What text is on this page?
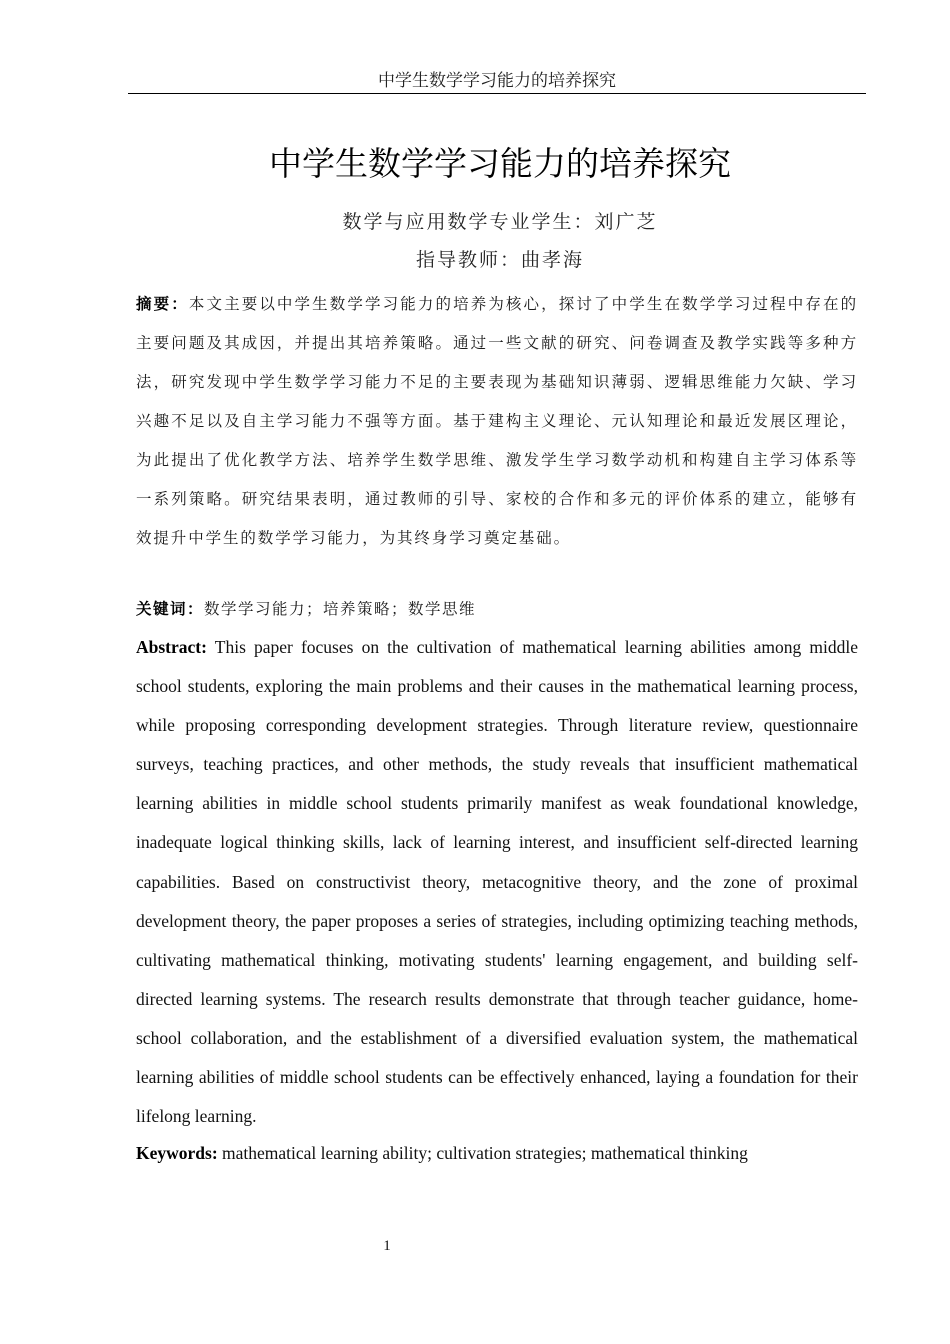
中学生数学学习能力的培养探究
中学生数学学习能力的培养探究
数学与应用数学专业学生：刘广芝
指导教师：曲孝海

摘要：本文主要以中学生数学学习能力的培养为核心，探讨了中学生在数学学习过程中存在的主要问题及其成因，并提出其培养策略。通过一些文献的研究、问卷调查及教学实践等多种方法，研究发现中学生数学学习能力不足的主要表现为基础知识薄弱、逻辑思维能力欠缺、学习兴趣不足以及自主学习能力不强等方面。基于建构主义理论、元认知理论和最近发展区理论，为此提出了优化教学方法、培养学生数学思维、激发学生学习数学动机和构建自主学习体系等一系列策略。研究结果表明，通过教师的引导、家校的合作和多元的评价体系的建立，能够有效提升中学生的数学学习能力，为其终身学习奠定基础。

关键词：数学学习能力；培养策略；数学思维

Abstract: This paper focuses on the cultivation of mathematical learning abilities among middle school students, exploring the main problems and their causes in the mathematical learning process, while proposing corresponding development strategies. Through literature review, questionnaire surveys, teaching practices, and other methods, the study reveals that insufficient mathematical learning abilities in middle school students primarily manifest as weak foundational knowledge, inadequate logical thinking skills, lack of learning interest, and insufficient self-directed learning capabilities. Based on constructivist theory, metacognitive theory, and the zone of proximal development theory, the paper proposes a series of strategies, including optimizing teaching methods, cultivating mathematical thinking, motivating students' learning engagement, and building self-directed learning systems. The research results demonstrate that through teacher guidance, home-school collaboration, and the establishment of a diversified evaluation system, the mathematical learning abilities of middle school students can be effectively enhanced, laying a foundation for their lifelong learning.

Keywords: mathematical learning ability; cultivation strategies; mathematical thinking

1
